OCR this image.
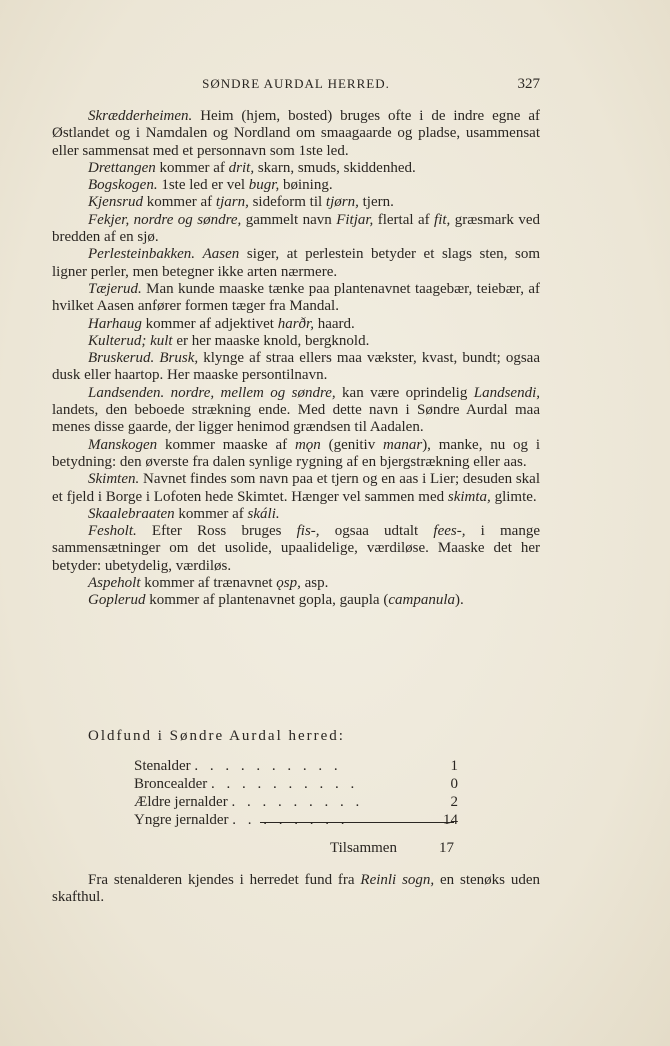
SØNDRE AURDAL HERRED.	327

Skrædderheimen. Heim (hjem, bosted) bruges ofte i de indre egne af Østlandet og i Namdalen og Nordland om smaagaarde og pladse, usammensat eller sammensat med et personnavn som 1ste led.

Drettangen kommer af drit, skarn, smuds, skiddenhed.

Bogskogen. 1ste led er vel bugr, bøining.

Kjensrud kommer af tjarn, sideform til tjørn, tjern.

Fekjer, nordre og søndre, gammelt navn Fitjar, flertal af fit, græsmark ved bredden af en sjø.

Perlesteinbakken. Aasen siger, at perlestein betyder et slags sten, som ligner perler, men betegner ikke arten nærmere.

Tæjerud. Man kunde maaske tænke paa plantenavnet taagebær, teiebær, af hvilket Aasen anfører formen tæger fra Mandal.

Harhaug kommer af adjektivet harðr, haard.

Kulterud; kult er her maaske knold, bergknold.

Bruskerud. Brusk, klynge af straa ellers maa vækster, kvast, bundt; ogsaa dusk eller haartop. Her maaske persontilnavn.

Landsenden. nordre, mellem og søndre, kan være oprindelig Landsendi, landets, den beboede strækning ende. Med dette navn i Søndre Aurdal maa menes disse gaarde, der ligger henimod grændsen til Aadalen.

Manskogen kommer maaske af mǫn (genitiv manar), manke, nu og i betydning: den øverste fra dalen synlige rygning af en bjergstrækning eller aas.

Skimten. Navnet findes som navn paa et tjern og en aas i Lier; desuden skal et fjeld i Borge i Lofoten hede Skimtet. Hænger vel sammen med skimta, glimte.

Skaalebraaten kommer af skáli.

Fesholt. Efter Ross bruges fis-, ogsaa udtalt fees-, i mange sammensætninger om det usolide, upaalidelige, værdiløse. Maaske det her betyder: ubetydelig, værdiløs.

Aspeholt kommer af trænavnet ǫsp, asp.

Goplerud kommer af plantenavnet gopla, gaupla (campanula).

Oldfund i Søndre Aurdal herred:
Stenalder . . . . . . . . . .	1
Broncealder . . . . . . . . . .	0
Ældre jernalder . . . . . . . . .	2
Yngre jernalder . . . . . . . .	14
Tilsammen	17

Fra stenalderen kjendes i herredet fund fra Reinli sogn, en stenøks uden skafthul.
